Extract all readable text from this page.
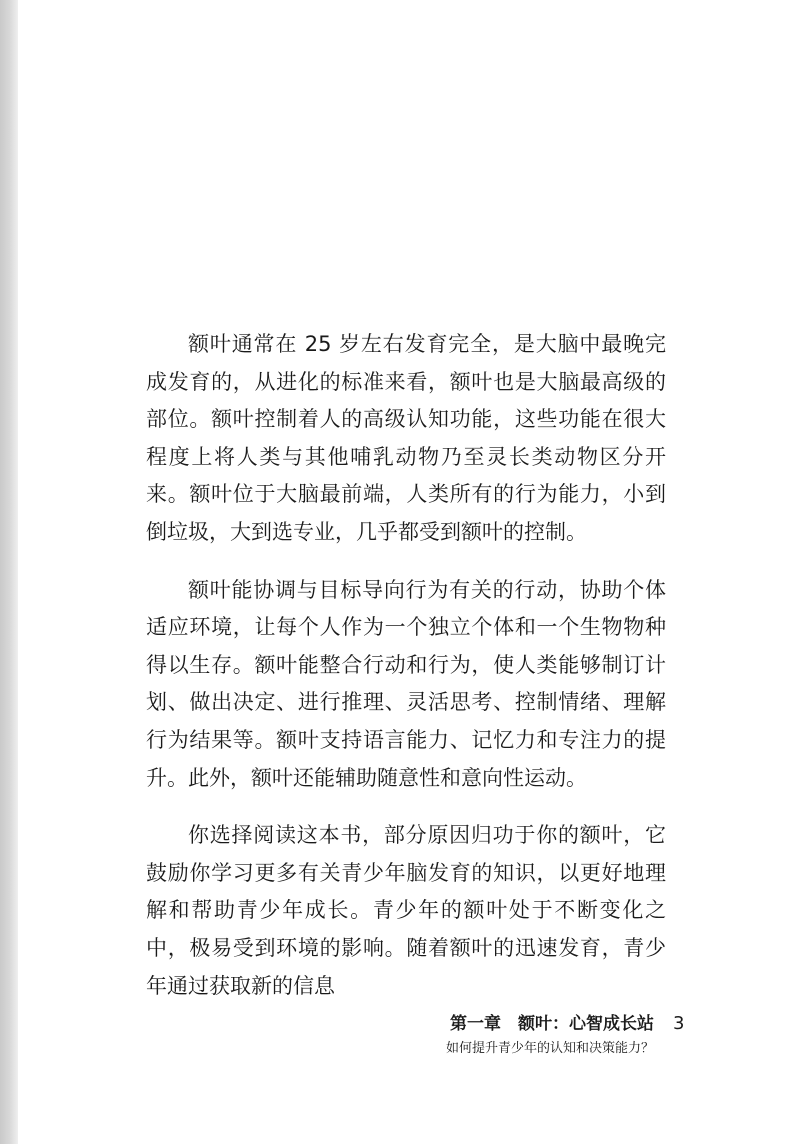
额叶通常在 25 岁左右发育完全，是大脑中最晚完成发育的，从进化的标准来看，额叶也是大脑最高级的部位。额叶控制着人的高级认知功能，这些功能在很大程度上将人类与其他哺乳动物乃至灵长类动物区分开来。额叶位于大脑最前端，人类所有的行为能力，小到倒垃圾，大到选专业，几乎都受到额叶的控制。

额叶能协调与目标导向行为有关的行动，协助个体适应环境，让每个人作为一个独立个体和一个生物物种得以生存。额叶能整合行动和行为，使人类能够制订计划、做出决定、进行推理、灵活思考、控制情绪、理解行为结果等。额叶支持语言能力、记忆力和专注力的提升。此外，额叶还能辅助随意性和意向性运动。

你选择阅读这本书，部分原因归功于你的额叶，它鼓励你学习更多有关青少年脑发育的知识，以更好地理解和帮助青少年成长。青少年的额叶处于不断变化之中，极易受到环境的影响。随着额叶的迅速发育，青少年通过获取新的信息

第一章　额叶：心智成长站
如何提升青少年的认知和决策能力？
3
